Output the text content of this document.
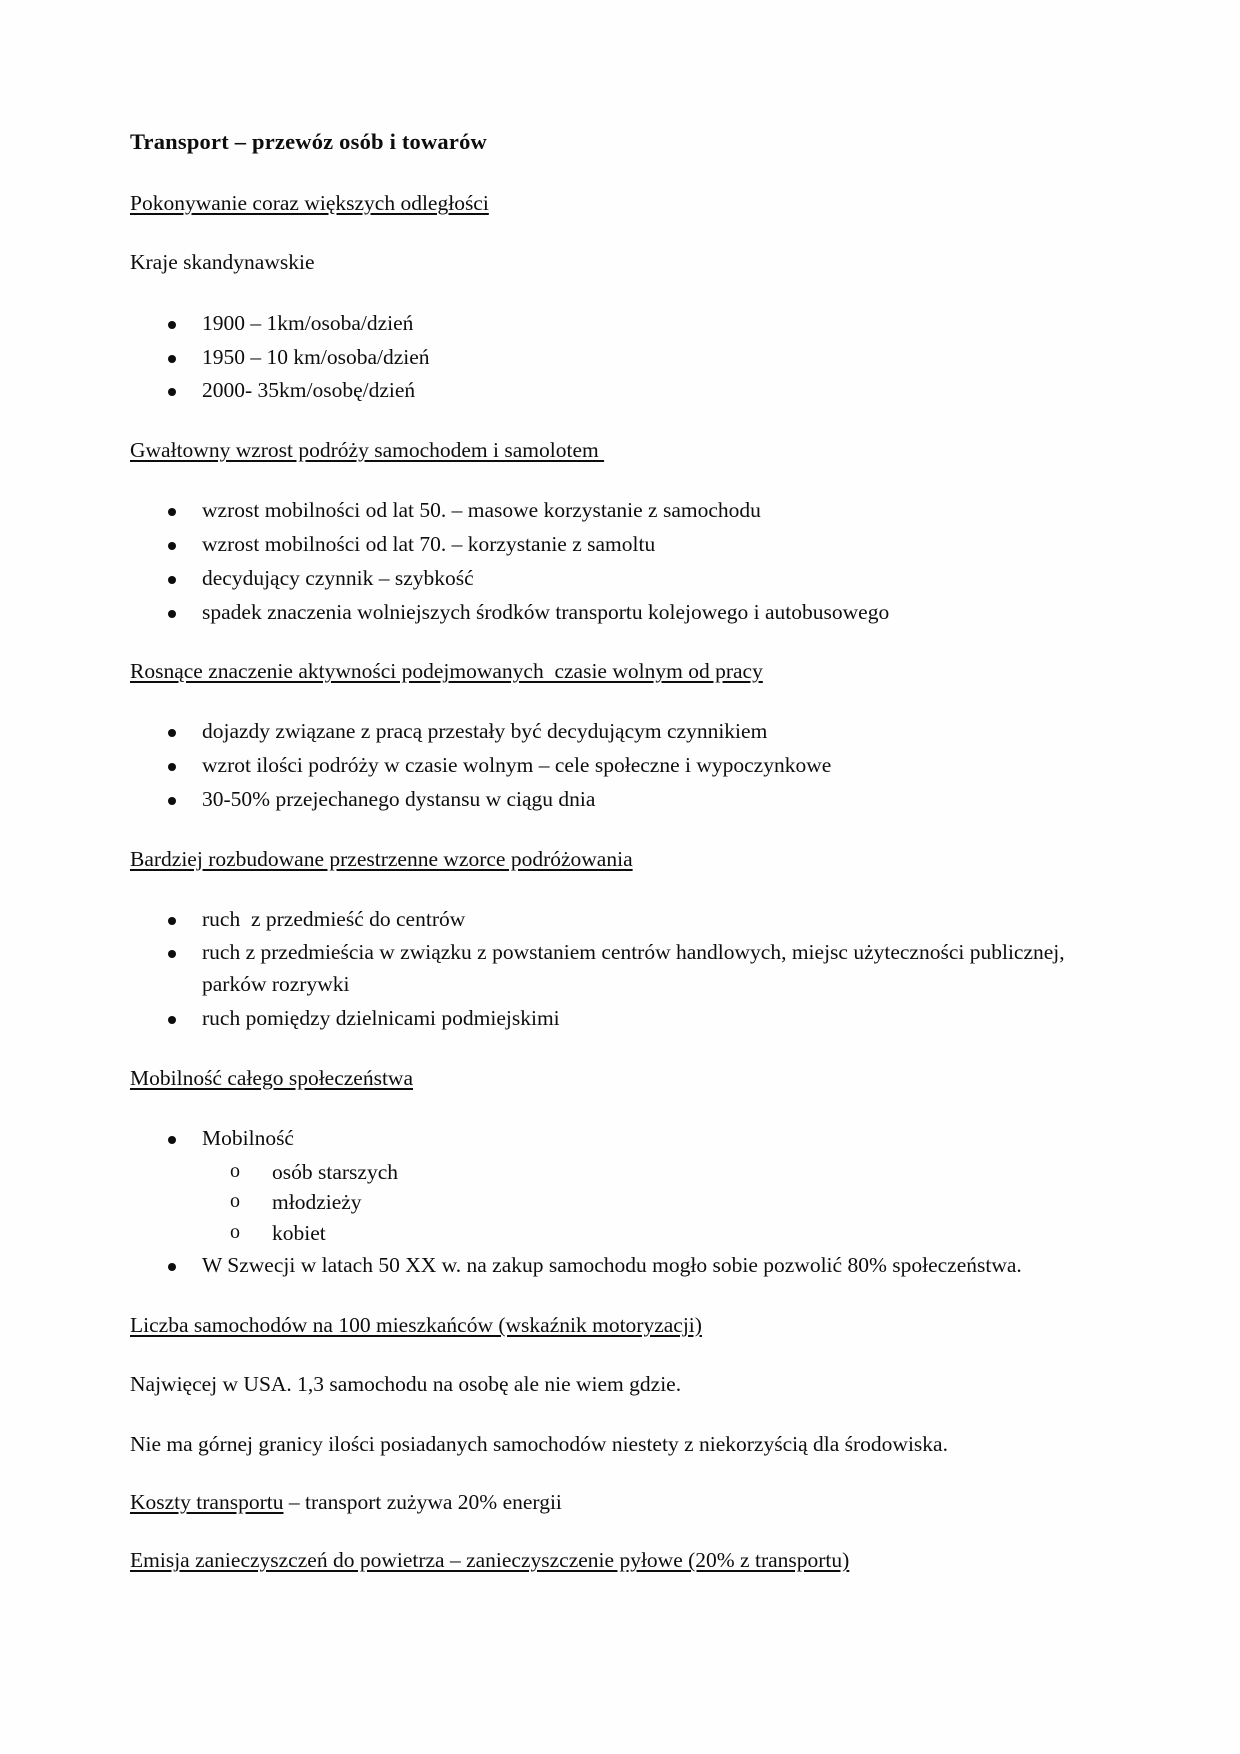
Transport – przewóz osób i towarów
Pokonywanie coraz większych odległości
Kraje skandynawskie
1900 – 1km/osoba/dzień
1950 – 10 km/osoba/dzień
2000- 35km/osobę/dzień
Gwałtowny wzrost podróży samochodem i samolotem
wzrost mobilności od lat 50. – masowe korzystanie z samochodu
wzrost mobilności od lat 70. – korzystanie z samoltu
decydujący czynnik – szybkość
spadek znaczenia wolniejszych środków transportu kolejowego i autobusowego
Rosnące znaczenie aktywności podejmowanych  czasie wolnym od pracy
dojazdy związane z pracą przestały być decydującym czynnikiem
wzrot ilości podróży w czasie wolnym – cele społeczne i wypoczynkowe
30-50% przejechanego dystansu w ciągu dnia
Bardziej rozbudowane przestrzenne wzorce podróżowania
ruch  z przedmieść do centrów
ruch z przedmieścia w związku z powstaniem centrów handlowych, miejsc użyteczności publicznej, parków rozrywki
ruch pomiędzy dzielnicami podmiejskimi
Mobilność całego społeczeństwa
Mobilność
o osób starszych
o młodzieży
o kobiet
W Szwecji w latach 50 XX w. na zakup samochodu mogło sobie pozwolić 80% społeczeństwa.
Liczba samochodów na 100 mieszkańców (wskaźnik motoryzacji)
Najwięcej w USA. 1,3 samochodu na osobę ale nie wiem gdzie.
Nie ma górnej granicy ilości posiadanych samochodów niestety z niekorzyścią dla środowiska.
Koszty transportu – transport zużywa 20% energii
Emisja zanieczyszczeń do powietrza – zanieczyszczenie pyłowe (20% z transportu)
